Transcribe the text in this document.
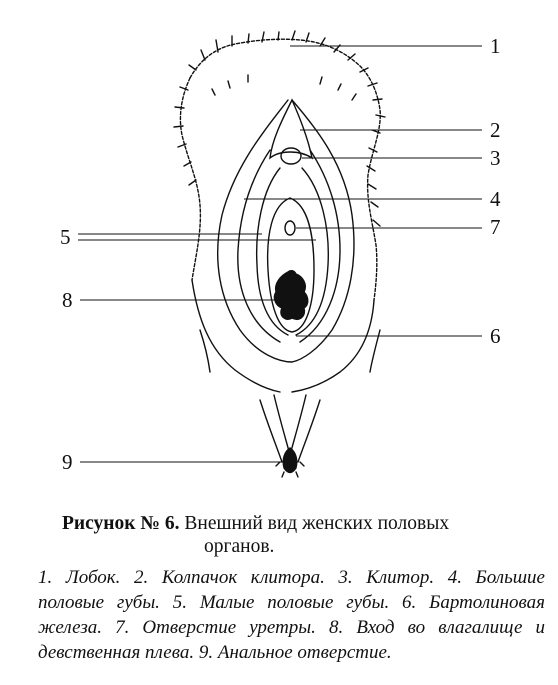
1
2
3
4
7
5
8
6
9
Рисунок № 6. Внешний вид женских половых
органов.
1. Лобок. 2. Колпачок клитора. 3. Клитор. 4. Большие половые губы. 5. Малые половые губы. 6. Бартолиновая железа. 7. Отверстие уретры. 8. Вход во влагалище и девственная плева. 9. Анальное отверстие.
